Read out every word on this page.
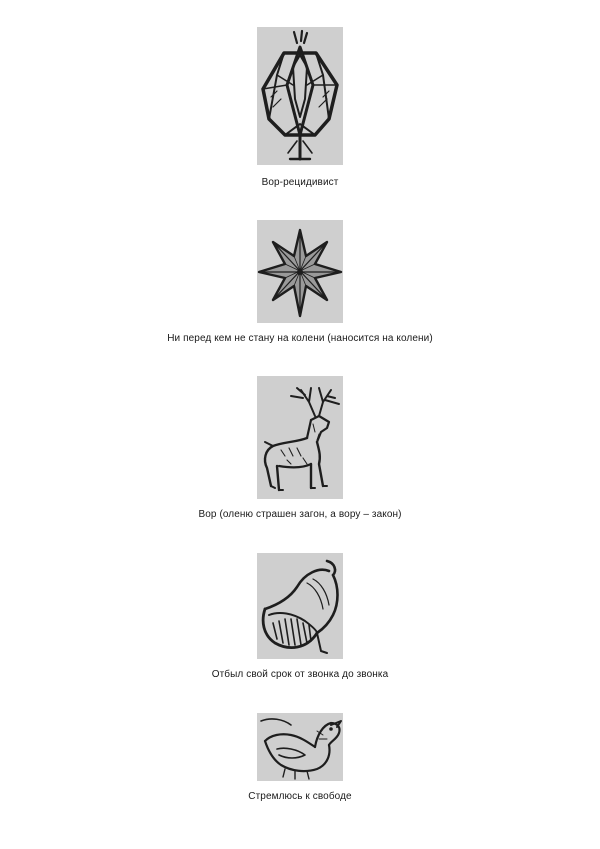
Вор-рецидивист
Ни перед кем не стану на колени (наносится на колени)
Вор (оленю страшен загон, а вору – закон)
Отбыл свой срок от звонка до звонка
Стремлюсь к свободе
